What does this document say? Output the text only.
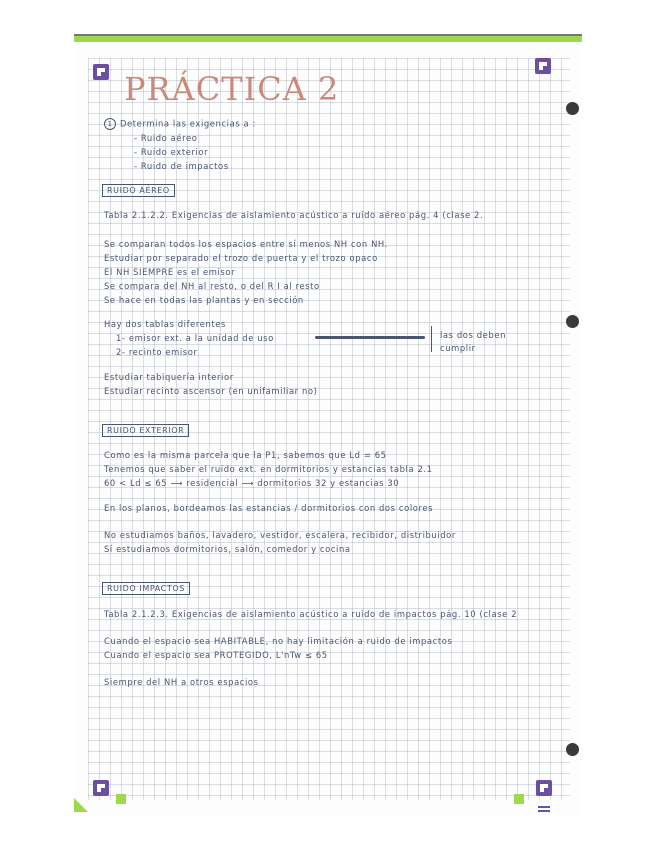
PRÁCTICA 2
1 Determina las exigencias a :
- Ruido aéreo
- Ruido exterior
- Ruido de impactos
RUIDO AÉREO
Tabla 2.1.2.2. Exigencias de aislamiento acústico a ruido aéreo pág. 4 (clase 2.
Se comparan todos los espacios entre sí menos NH con NH.
Estudiar por separado el trozo de puerta y el trozo opaco
El NH SIEMPRE es el emisor
Se compara del NH al resto, o del R I al resto
Se hace en todas las plantas y en sección
Hay dos tablas diferentes
1- emisor ext. a la unidad de uso
2- recinto emisor
las dos deben
cumplir
Estudiar tabiquería interior
Estudiar recinto ascensor (en unifamiliar no)
RUIDO EXTERIOR
Como es la misma parcela que la P1, sabemos que Ld = 65
Tenemos que saber el ruido ext. en dormitorios y estancias tabla 2.1
60 < Ld ≤ 65 ⟶ residencial ⟶ dormitorios 32 y estancias 30
En los planos, bordeamos las estancias / dormitorios con dos colores
No estudiamos baños, lavadero, vestidor, escalera, recibidor, distribuidor
Sí estudiamos dormitorios, salón, comedor y cocina
RUIDO IMPACTOS
Tabla 2.1.2.3. Exigencias de aislamiento acústico a ruido de impactos pág. 10 (clase 2
Cuando el espacio sea HABITABLE, no hay limitación a ruido de impactos
Cuando el espacio sea PROTEGIDO, L'nTw ≤ 65
Siempre del NH a otros espacios
